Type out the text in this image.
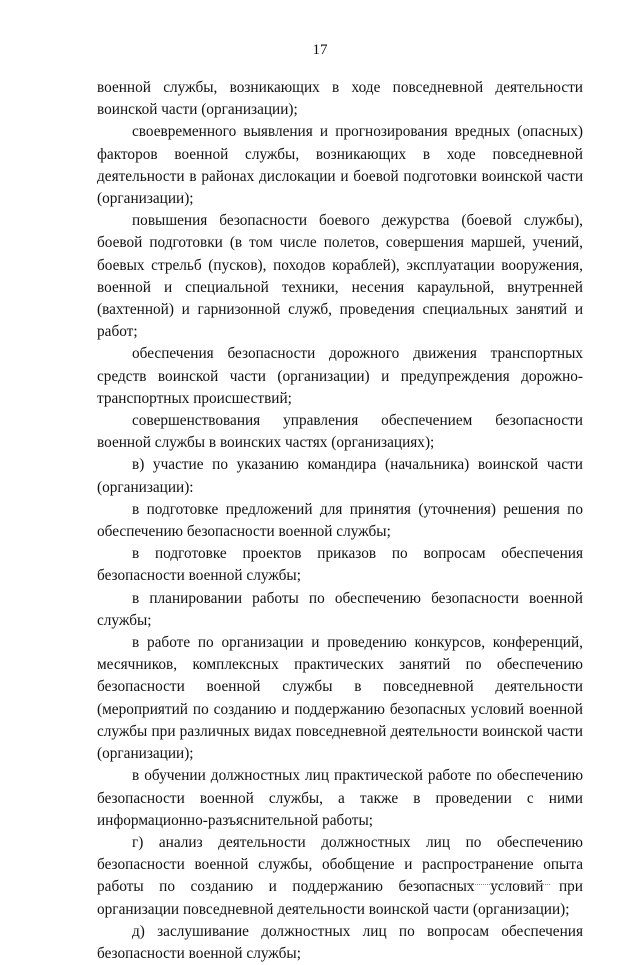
17

военной службы, возникающих в ходе повседневной деятельности воинской части (организации);

своевременного выявления и прогнозирования вредных (опасных) факторов военной службы, возникающих в ходе повседневной деятельности в районах дислокации и боевой подготовки воинской части (организации);

повышения безопасности боевого дежурства (боевой службы), боевой подготовки (в том числе полетов, совершения маршей, учений, боевых стрельб (пусков), походов кораблей), эксплуатации вооружения, военной и специальной техники, несения караульной, внутренней (вахтенной) и гарнизонной служб, проведения специальных занятий и работ;

обеспечения безопасности дорожного движения транспортных средств воинской части (организации) и предупреждения дорожно-транспортных происшествий;

совершенствования управления обеспечением безопасности военной службы в воинских частях (организациях);

в) участие по указанию командира (начальника) воинской части (организации):

в подготовке предложений для принятия (уточнения) решения по обеспечению безопасности военной службы;

в подготовке проектов приказов по вопросам обеспечения безопасности военной службы;

в планировании работы по обеспечению безопасности военной службы;

в работе по организации и проведению конкурсов, конференций, месячников, комплексных практических занятий по обеспечению безопасности военной службы в повседневной деятельности (мероприятий по созданию и поддержанию безопасных условий военной службы при различных видах повседневной деятельности воинской части (организации);

в обучении должностных лиц практической работе по обеспечению безопасности военной службы, а также в проведении с ними информационно-разъяснительной работы;

г) анализ деятельности должностных лиц по обеспечению безопасности военной службы, обобщение и распространение опыта работы по созданию и поддержанию безопасных условий при организации повседневной деятельности воинской части (организации);

д) заслушивание должностных лиц по вопросам обеспечения безопасности военной службы;
